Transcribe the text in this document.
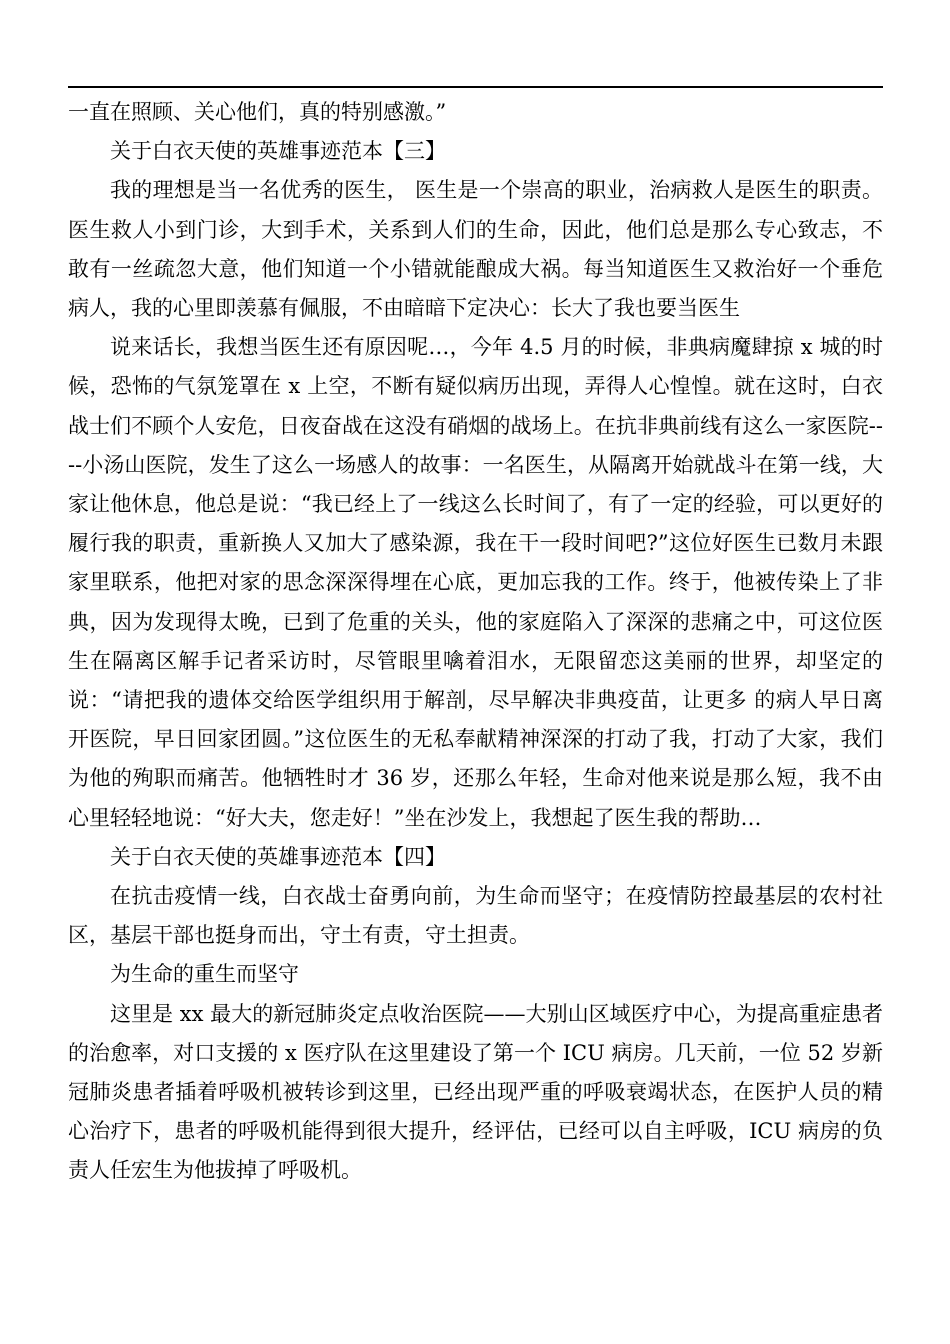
一直在照顾、关心他们，真的特别感激。”

关于白衣天使的英雄事迹范本【三】

我的理想是当一名优秀的医生， 医生是一个崇高的职业，治病救人是医生的职责。医生救人小到门诊，大到手术，关系到人们的生命，因此，他们总是那么专心致志，不敢有一丝疏忽大意，他们知道一个小错就能酿成大祸。每当知道医生又救治好一个垂危病人，我的心里即羡慕有佩服，不由暗暗下定决心：长大了我也要当医生

说来话长，我想当医生还有原因呢…，今年 4.5 月的时候，非典病魔肆掠 x 城的时候，恐怖的气氛笼罩在 x 上空，不断有疑似病历出现，弄得人心惶惶。就在这时，白衣战士们不顾个人安危，日夜奋战在这没有硝烟的战场上。在抗非典前线有这么一家医院----小汤山医院，发生了这么一场感人的故事：一名医生，从隔离开始就战斗在第一线，大家让他休息，他总是说：“我已经上了一线这么长时间了，有了一定的经验，可以更好的履行我的职责，重新换人又加大了感染源，我在干一段时间吧?”这位好医生已数月未跟家里联系，他把对家的思念深深得埋在心底，更加忘我的工作。终于，他被传染上了非典，因为发现得太晚，已到了危重的关头，他的家庭陷入了深深的悲痛之中，可这位医生在隔离区解手记者采访时，尽管眼里噙着泪水，无限留恋这美丽的世界，却坚定的说：“请把我的遗体交给医学组织用于解剖，尽早解决非典疫苗，让更多 的病人早日离开医院，早日回家团圆。”这位医生的无私奉献精神深深的打动了我，打动了大家，我们为他的殉职而痛苦。他牺牲时才 36 岁，还那么年轻，生命对他来说是那么短，我不由心里轻轻地说：“好大夫，您走好！”坐在沙发上，我想起了医生我的帮助…

关于白衣天使的英雄事迹范本【四】

在抗击疫情一线，白衣战士奋勇向前，为生命而坚守；在疫情防控最基层的农村社区，基层干部也挺身而出，守土有责，守土担责。

为生命的重生而坚守

这里是 xx 最大的新冠肺炎定点收治医院——大别山区域医疗中心，为提高重症患者的治愈率，对口支援的 x 医疗队在这里建设了第一个 ICU 病房。几天前，一位 52 岁新冠肺炎患者插着呼吸机被转诊到这里，已经出现严重的呼吸衰竭状态，在医护人员的精心治疗下，患者的呼吸机能得到很大提升，经评估，已经可以自主呼吸，ICU 病房的负责人任宏生为他拔掉了呼吸机。
